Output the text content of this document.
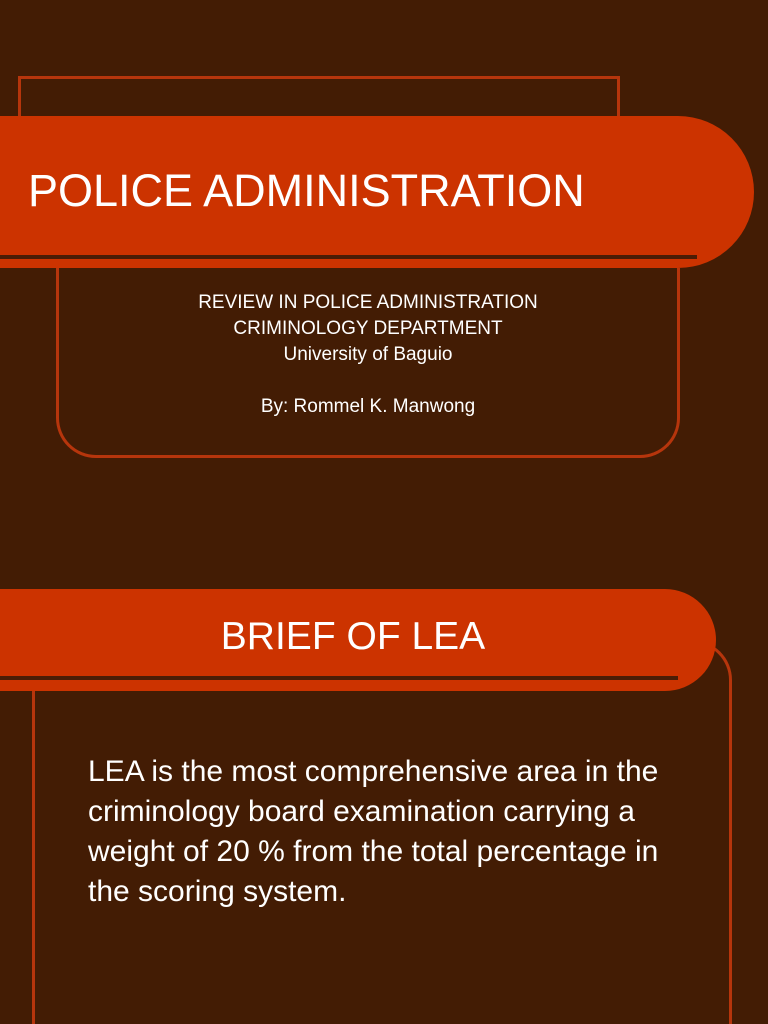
POLICE ADMINISTRATION
REVIEW IN POLICE ADMINISTRATION
CRIMINOLOGY DEPARTMENT
University of Baguio
By: Rommel K. Manwong
BRIEF OF LEA

LEA is the most comprehensive area in the criminology board examination carrying a weight of 20 % from the total percentage in the scoring system.
